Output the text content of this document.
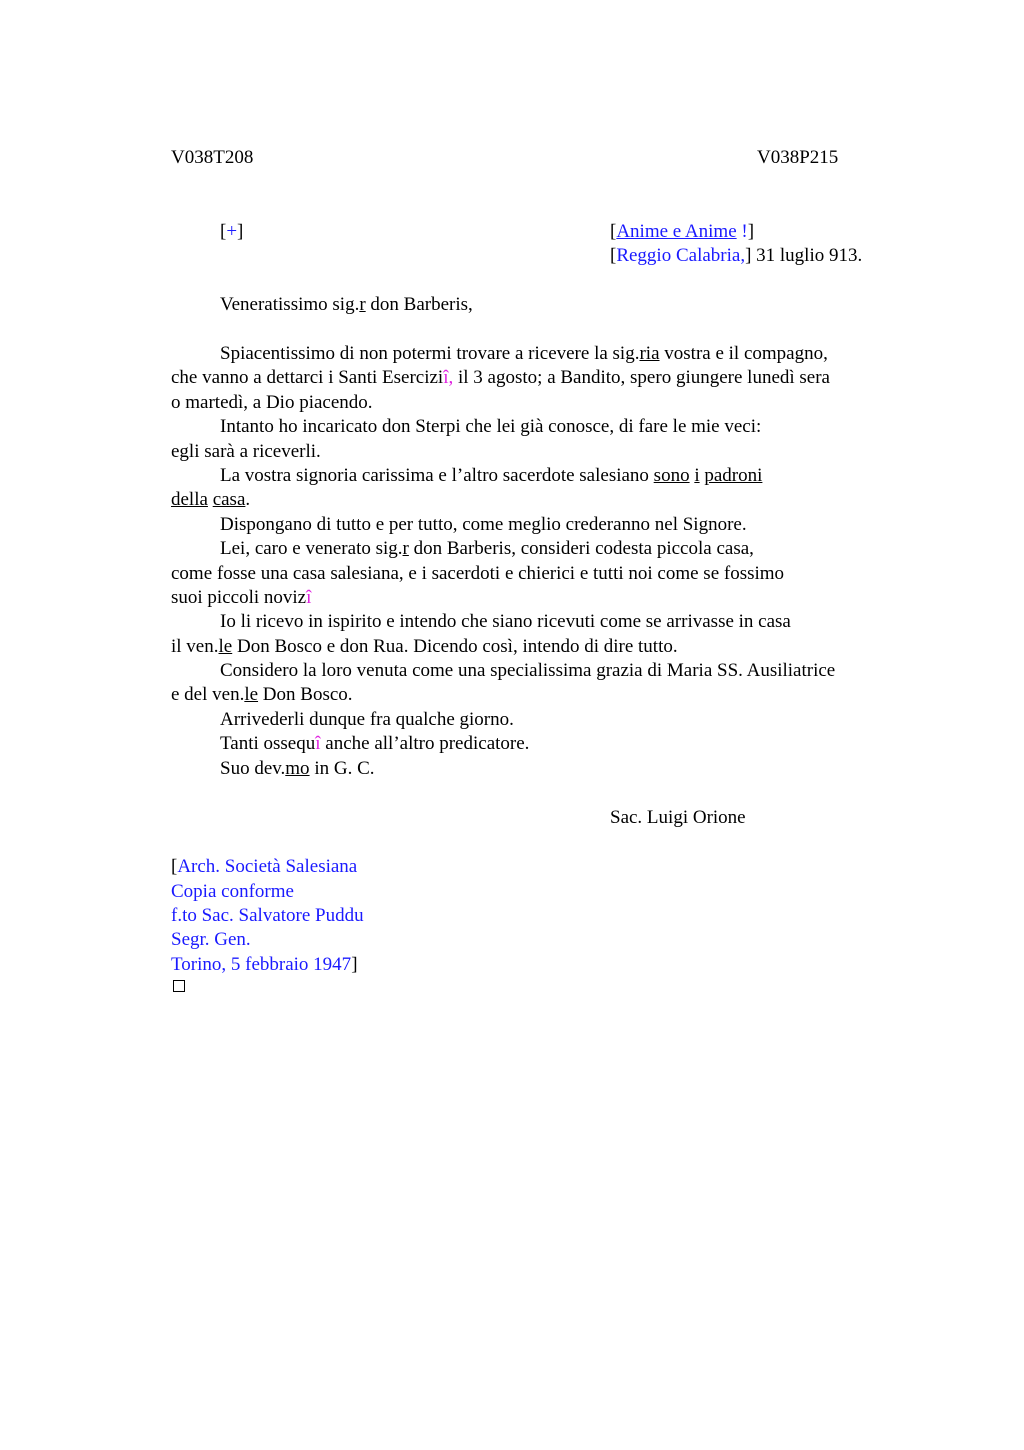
V038T208	V038P215
[+]	[Anime e Anime !]
[Reggio Calabria,] 31 luglio 913.
Veneratissimo sig.r don Barberis,
Spiacentissimo di non potermi trovare a ricevere la sig.ria vostra e il compagno,
che vanno a dettarci i Santi Eserciziî, il 3 agosto; a Bandito, spero giungere lunedì sera
o martedì, a Dio piacendo.
Intanto ho incaricato don Sterpi che lei già conosce, di fare le mie veci:
egli sarà a riceverli.
La vostra signoria carissima e l’altro sacerdote salesiano sono i padroni
della casa.
Dispongano di tutto e per tutto, come meglio crederanno nel Signore.
Lei, caro e venerato sig.r don Barberis, consideri codesta piccola casa,
come fosse una casa salesiana, e i sacerdoti e chierici e tutti noi come se fossimo
suoi piccoli novizî
Io li ricevo in ispirito e intendo che siano ricevuti come se arrivasse in casa
il ven.le Don Bosco e don Rua. Dicendo così, intendo di dire tutto.
Considero la loro venuta come una specialissima grazia di Maria SS. Ausiliatrice
e del ven.le Don Bosco.
Arrivederli dunque fra qualche giorno.
Tanti ossequî anche all’altro predicatore.
Suo dev.mo in G. C.
Sac. Luigi Orione
[Arch. Società Salesiana
Copia conforme
f.to Sac. Salvatore Puddu
Segr. Gen.
Torino, 5 febbraio 1947]
